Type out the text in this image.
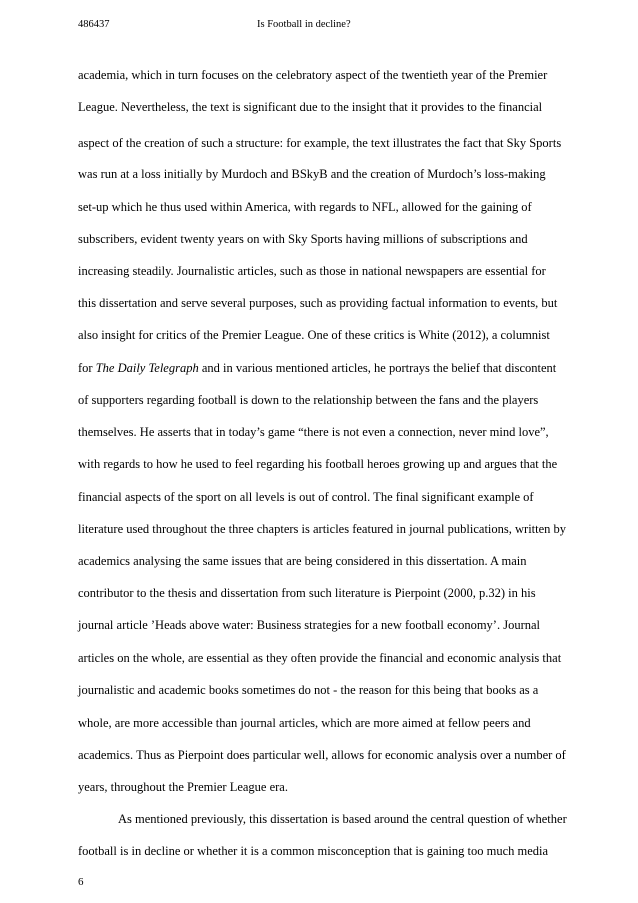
486437	Is Football in decline?
academia, which in turn focuses on the celebratory aspect of the twentieth year of the Premier
League. Nevertheless, the text is significant due to the insight that it provides to the financial
aspect of the creation of such a structure: for example, the text illustrates the fact that Sky Sports
was run at a loss initially by Murdoch and BSkyB and the creation of Murdoch’s loss-making
set-up which he thus used within America, with regards to NFL, allowed for the gaining of
subscribers, evident twenty years on with Sky Sports having millions of subscriptions and
increasing steadily. Journalistic articles, such as those in national newspapers are essential for
this dissertation and serve several purposes, such as providing factual information to events, but
also insight for critics of the Premier League. One of these critics is White (2012), a columnist
for The Daily Telegraph and in various mentioned articles, he portrays the belief that discontent
of supporters regarding football is down to the relationship between the fans and the players
themselves. He asserts that in today’s game “there is not even a connection, never mind love”,
with regards to how he used to feel regarding his football heroes growing up and argues that the
financial aspects of the sport on all levels is out of control. The final significant example of
literature used throughout the three chapters is articles featured in journal publications, written by
academics analysing the same issues that are being considered in this dissertation. A main
contributor to the thesis and dissertation from such literature is Pierpoint (2000, p.32) in his
journal article ’Heads above water: Business strategies for a new football economy’. Journal
articles on the whole, are essential as they often provide the financial and economic analysis that
journalistic and academic books sometimes do not - the reason for this being that books as a
whole, are more accessible than journal articles, which are more aimed at fellow peers and
academics. Thus as Pierpoint does particular well, allows for economic analysis over a number of
years, throughout the Premier League era.
As mentioned previously, this dissertation is based around the central question of whether
football is in decline or whether it is a common misconception that is gaining too much media
6
